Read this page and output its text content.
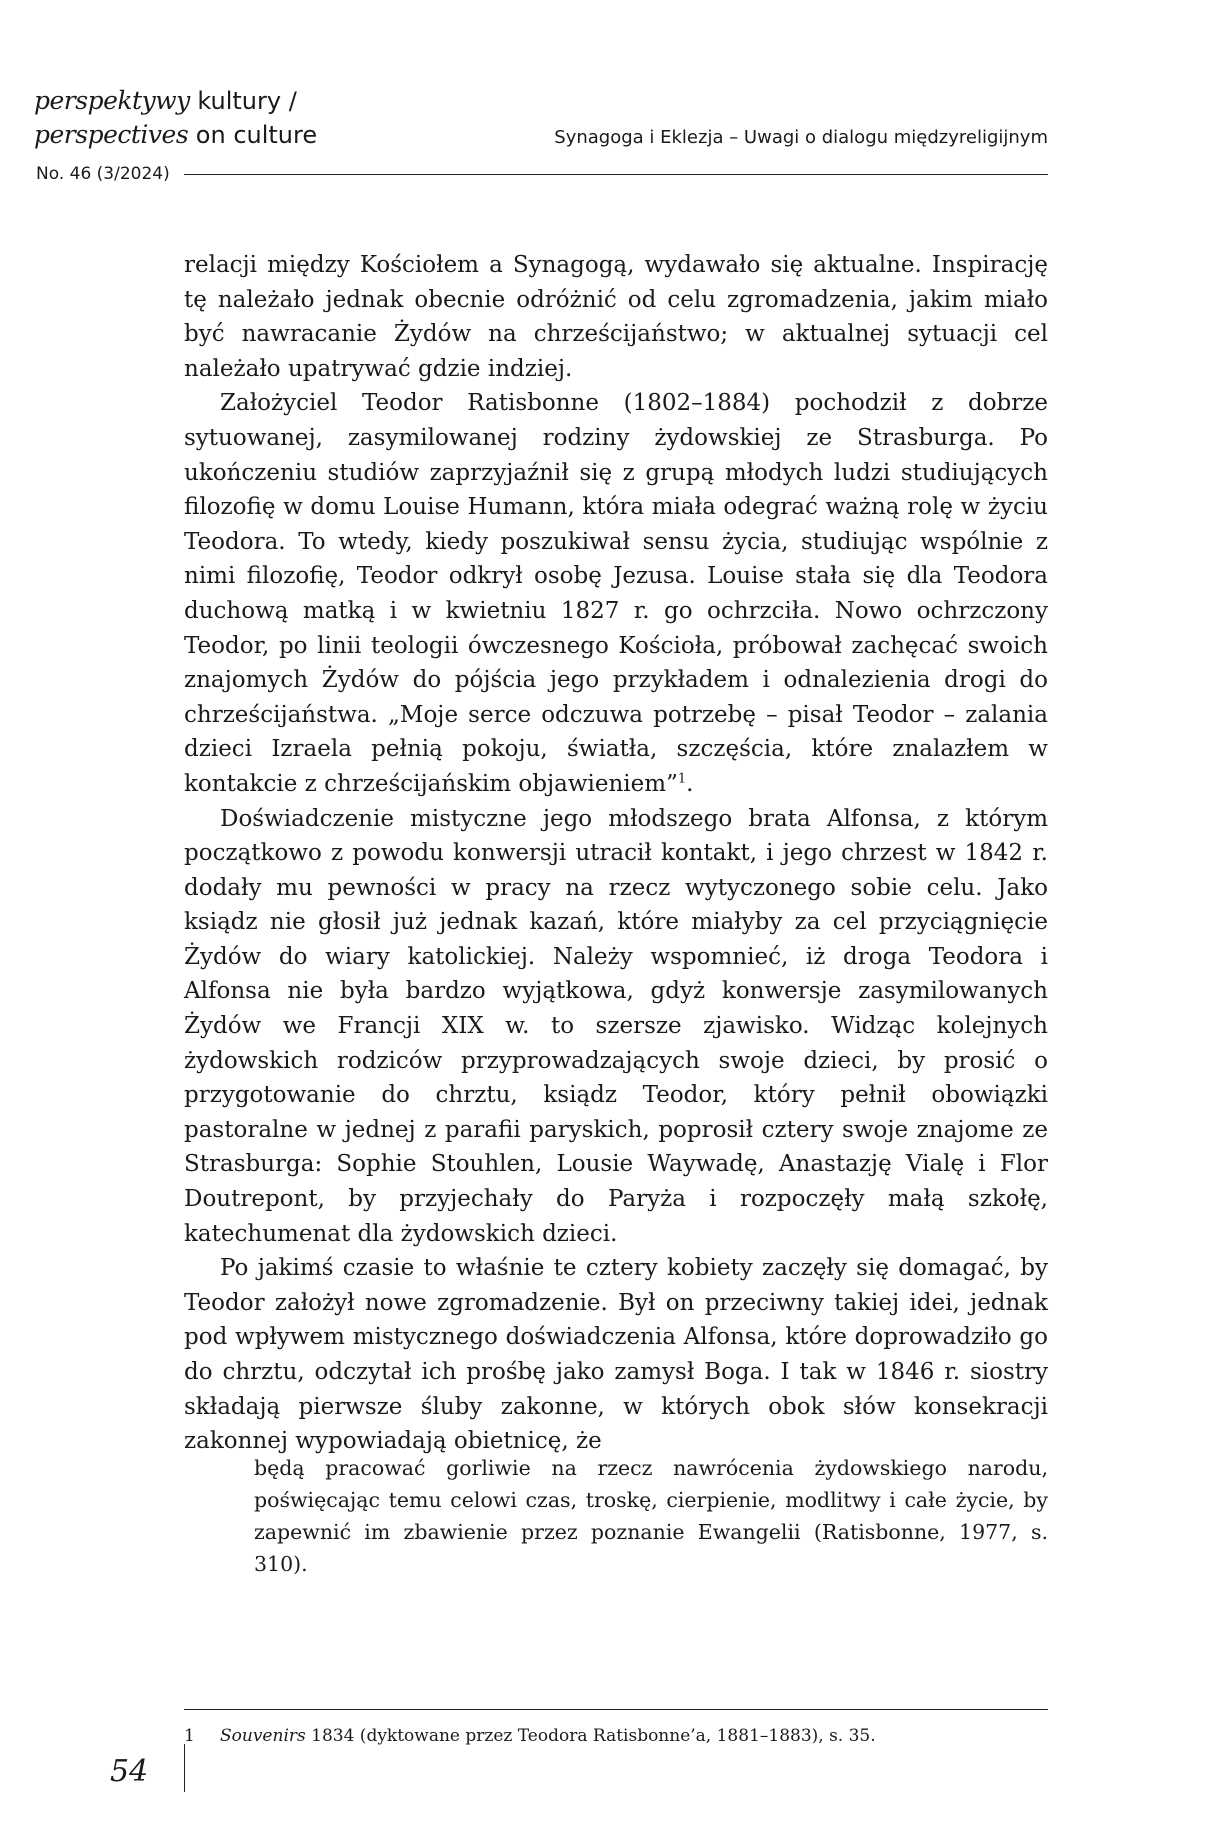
perspektywy kultury /
perspectives on culture
No. 46 (3/2024)
Synagoga i Eklezja – Uwagi o dialogu międzyreligijnym

relacji między Kościołem a Synagogą, wydawało się aktualne. Inspirację tę należało jednak obecnie odróżnić od celu zgromadzenia, jakim miało być nawracanie Żydów na chrześcijaństwo; w aktualnej sytuacji cel należało upatrywać gdzie indziej.

Założyciel Teodor Ratisbonne (1802–1884) pochodził z dobrze sytuowanej, zasymilowanej rodziny żydowskiej ze Strasburga. Po ukończeniu studiów zaprzyjaźnił się z grupą młodych ludzi studiujących filozofię w domu Louise Humann, która miała odegrać ważną rolę w życiu Teodora. To wtedy, kiedy poszukiwał sensu życia, studiując wspólnie z nimi filozofię, Teodor odkrył osobę Jezusa. Louise stała się dla Teodora duchową matką i w kwietniu 1827 r. go ochrzciła. Nowo ochrzczony Teodor, po linii teologii ówczesnego Kościoła, próbował zachęcać swoich znajomych Żydów do pójścia jego przykładem i odnalezienia drogi do chrześcijaństwa. „Moje serce odczuwa potrzebę – pisał Teodor – zalania dzieci Izraela pełnią pokoju, światła, szczęścia, które znalazłem w kontakcie z chrześcijańskim objawieniem”$^1$.

Doświadczenie mistyczne jego młodszego brata Alfonsa, z którym początkowo z powodu konwersji utracił kontakt, i jego chrzest w 1842 r. dodały mu pewności w pracy na rzecz wytyczonego sobie celu. Jako ksiądz nie głosił już jednak kazań, które miałyby za cel przyciągnięcie Żydów do wiary katolickiej. Należy wspomnieć, iż droga Teodora i Alfonsa nie była bardzo wyjątkowa, gdyż konwersje zasymilowanych Żydów we Francji XIX w. to szersze zjawisko. Widząc kolejnych żydowskich rodziców przyprowadzających swoje dzieci, by prosić o przygotowanie do chrztu, ksiądz Teodor, który pełnił obowiązki pastoralne w jednej z parafii paryskich, poprosił cztery swoje znajome ze Strasburga: Sophie Stouhlen, Lousie Waywadę, Anastazję Vialę i Flor Doutrepont, by przyjechały do Paryża i rozpoczęły małą szkołę, katechumenat dla żydowskich dzieci.

Po jakimś czasie to właśnie te cztery kobiety zaczęły się domagać, by Teodor założył nowe zgromadzenie. Był on przeciwny takiej idei, jednak pod wpływem mistycznego doświadczenia Alfonsa, które doprowadziło go do chrztu, odczytał ich prośbę jako zamysł Boga. I tak w 1846 r. siostry składają pierwsze śluby zakonne, w których obok słów konsekracji zakonnej wypowiadają obietnicę, że

będą pracować gorliwie na rzecz nawrócenia żydowskiego narodu, poświęcając temu celowi czas, troskę, cierpienie, modlitwy i całe życie, by zapewnić im zbawienie przez poznanie Ewangelii (Ratisbonne, 1977, s. 310).

1 Souvenirs 1834 (dyktowane przez Teodora Ratisbonne’a, 1881–1883), s. 35.
54
